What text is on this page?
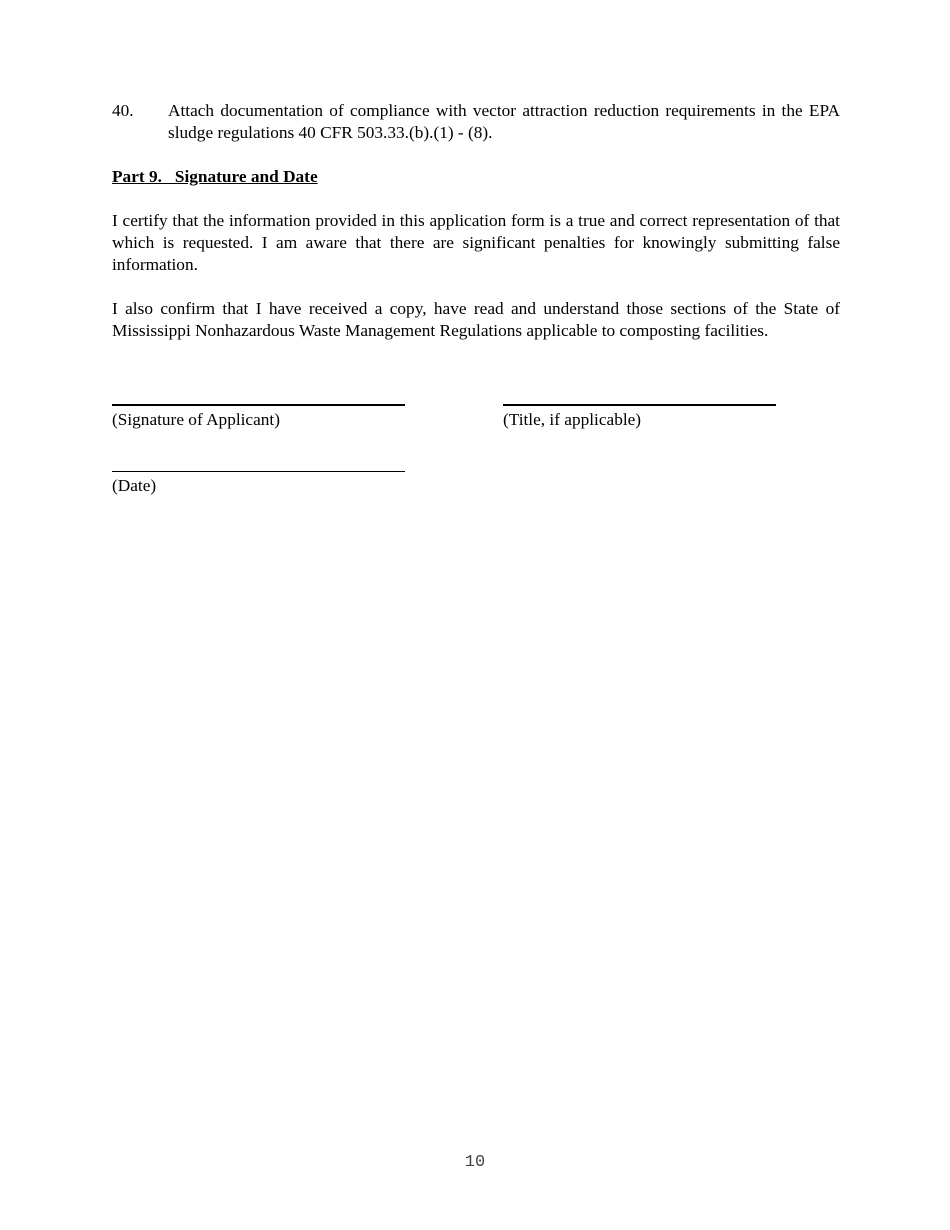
40. Attach documentation of compliance with vector attraction reduction requirements in the EPA sludge regulations 40 CFR 503.33.(b).(1) - (8).
Part 9.   Signature and Date

I certify that the information provided in this application form is a true and correct representation of that which is requested. I am aware that there are significant penalties for knowingly submitting false information.

I also confirm that I have received a copy, have read and understand those sections of the State of Mississippi Nonhazardous Waste Management Regulations applicable to composting facilities.

(Signature of Applicant)	(Title, if applicable)
(Date)
10
